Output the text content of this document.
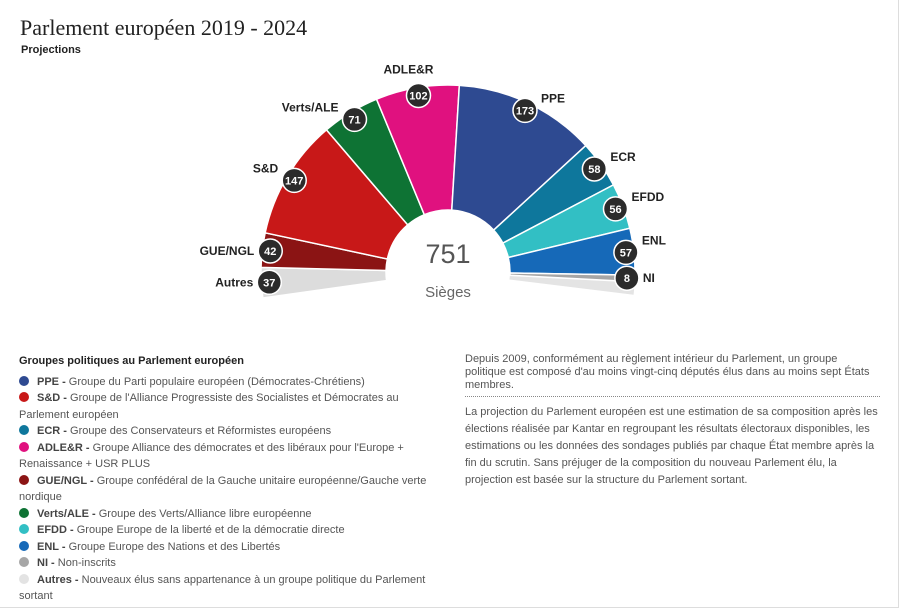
Parlement européen 2019 - 2024
Projections
37
Autres
42
GUE/NGL
147
S&D
71
Verts/ALE
102
ADLE&R
173
PPE
58
ECR
56
EFDD
57
ENL
8 NI
751
Sièges
Groupes politiques au Parlement européen
PPE - Groupe du Parti populaire européen (Démocrates-Chrétiens)
S&D - Groupe de l'Alliance Progressiste des Socialistes et Démocrates au Parlement européen
ECR - Groupe des Conservateurs et Réformistes européens
ADLE&R - Groupe Alliance des démocrates et des libéraux pour l'Europe + Renaissance + USR PLUS
GUE/NGL - Groupe confédéral de la Gauche unitaire européenne/Gauche verte nordique
Verts/ALE - Groupe des Verts/Alliance libre européenne
EFDD - Groupe Europe de la liberté et de la démocratie directe
ENL - Groupe Europe des Nations et des Libertés
NI - Non-inscrits
Autres - Nouveaux élus sans appartenance à un groupe politique du Parlement sortant
Depuis 2009, conformément au règlement intérieur du Parlement, un groupe politique est composé d'au moins vingt-cinq députés élus dans au moins sept États membres.
La projection du Parlement européen est une estimation de sa composition après les élections réalisée par Kantar en regroupant les résultats électoraux disponibles, les estimations ou les données des sondages publiés par chaque État membre après la fin du scrutin. Sans préjuger de la composition du nouveau Parlement élu, la projection est basée sur la structure du Parlement sortant.
